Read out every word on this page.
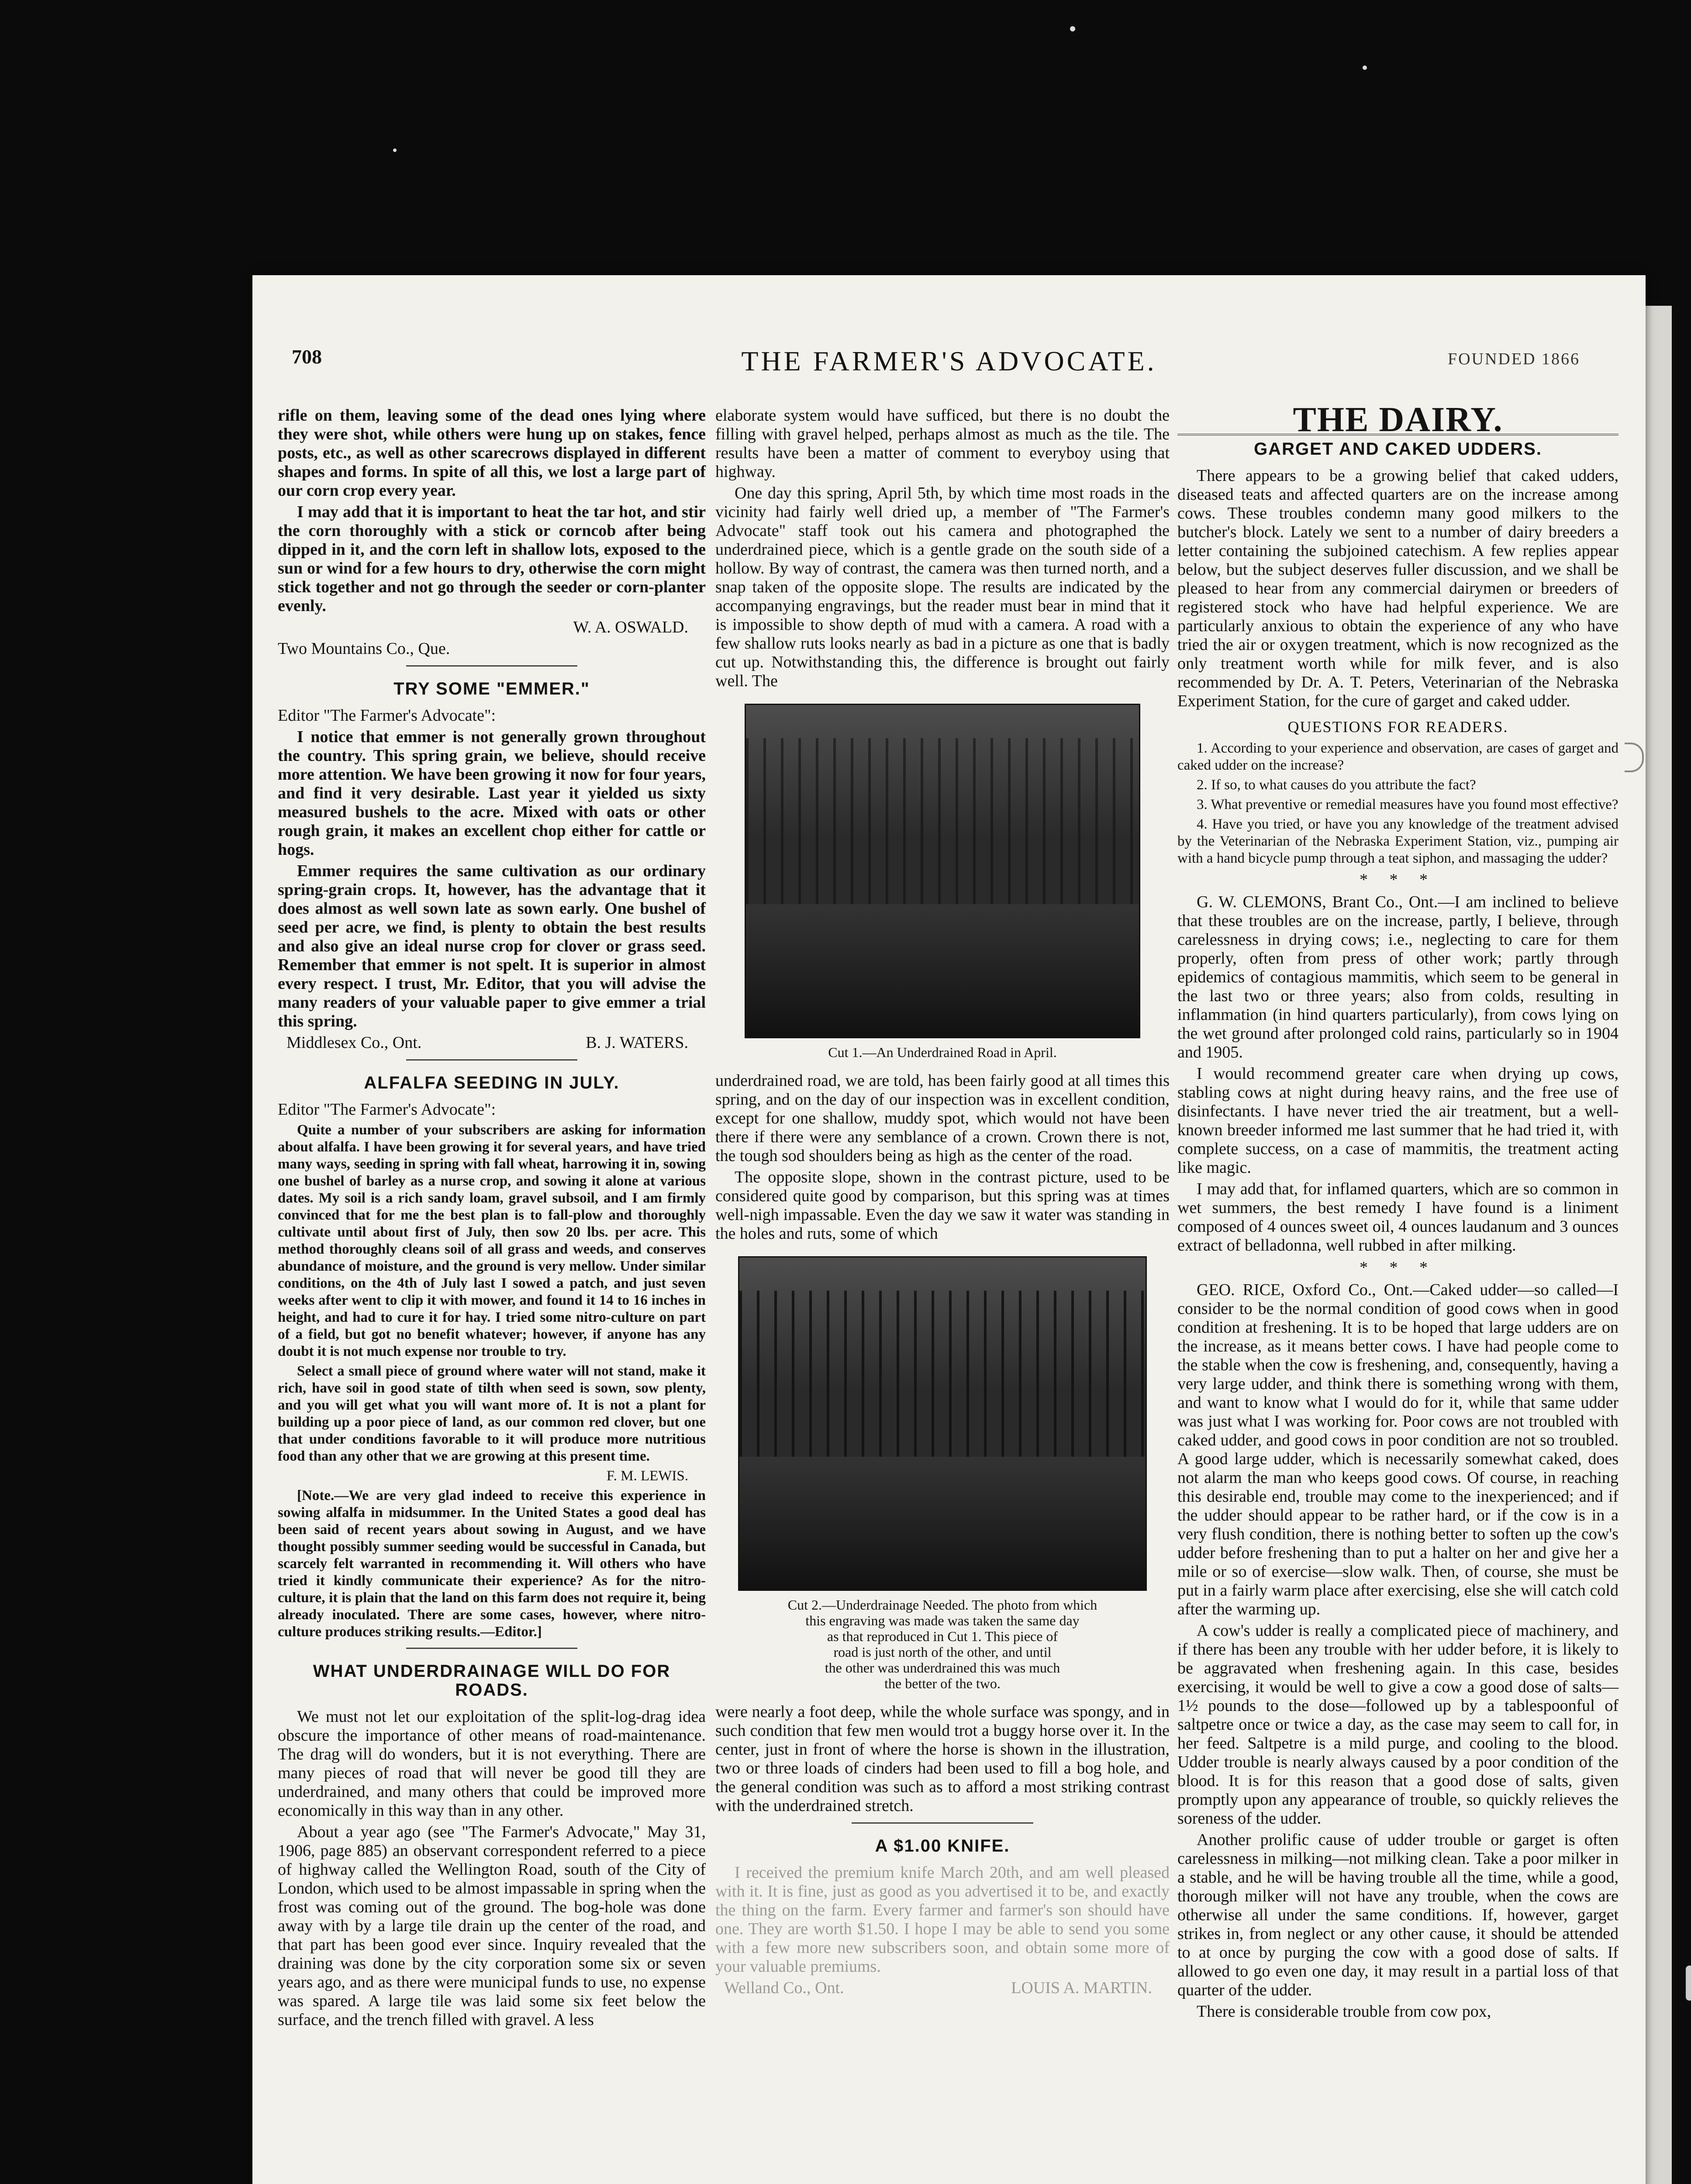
708	THE FARMER'S ADVOCATE.	FOUNDED 1866

rifle on them, leaving some of the dead ones lying where they were shot, while others were hung up on stakes, fence posts, etc., as well as other scarecrows displayed in different shapes and forms. In spite of all this, we lost a large part of our corn crop every year.

I may add that it is important to heat the tar hot, and stir the corn thoroughly with a stick or corncob after being dipped in it, and the corn left in shallow lots, exposed to the sun or wind for a few hours to dry, otherwise the corn might stick together and not go through the seeder or corn-planter evenly.

W. A. OSWALD.

Two Mountains Co., Que.

TRY SOME "EMMER."

Editor "The Farmer's Advocate":

I notice that emmer is not generally grown throughout the country. This spring grain, we believe, should receive more attention. We have been growing it now for four years, and find it very desirable. Last year it yielded us sixty measured bushels to the acre. Mixed with oats or other rough grain, it makes an excellent chop either for cattle or hogs.

Emmer requires the same cultivation as our ordinary spring-grain crops. It, however, has the advantage that it does almost as well sown late as sown early. One bushel of seed per acre, we find, is plenty to obtain the best results and also give an ideal nurse crop for clover or grass seed. Remember that emmer is not spelt. It is superior in almost every respect. I trust, Mr. Editor, that you will advise the many readers of your valuable paper to give emmer a trial this spring.

Middlesex Co., Ont.	B. J. WATERS.
ALFALFA SEEDING IN JULY.

Editor "The Farmer's Advocate":

Quite a number of your subscribers are asking for information about alfalfa. I have been growing it for several years, and have tried many ways, seeding in spring with fall wheat, harrowing it in, sowing one bushel of barley as a nurse crop, and sowing it alone at various dates. My soil is a rich sandy loam, gravel subsoil, and I am firmly convinced that for me the best plan is to fall-plow and thoroughly cultivate until about first of July, then sow 20 lbs. per acre. This method thoroughly cleans soil of all grass and weeds, and conserves abundance of moisture, and the ground is very mellow. Under similar conditions, on the 4th of July last I sowed a patch, and just seven weeks after went to clip it with mower, and found it 14 to 16 inches in height, and had to cure it for hay. I tried some nitro-culture on part of a field, but got no benefit whatever; however, if anyone has any doubt it is not much expense nor trouble to try.

Select a small piece of ground where water will not stand, make it rich, have soil in good state of tilth when seed is sown, sow plenty, and you will get what you will want more of. It is not a plant for building up a poor piece of land, as our common red clover, but one that under conditions favorable to it will produce more nutritious food than any other that we are growing at this present time.

F. M. LEWIS.

[Note.—We are very glad indeed to receive this experience in sowing alfalfa in midsummer. In the United States a good deal has been said of recent years about sowing in August, and we have thought possibly summer seeding would be successful in Canada, but scarcely felt warranted in recommending it. Will others who have tried it kindly communicate their experience? As for the nitro-culture, it is plain that the land on this farm does not require it, being already inoculated. There are some cases, however, where nitro-culture produces striking results.—Editor.]

WHAT UNDERDRAINAGE WILL DO FOR ROADS.

We must not let our exploitation of the split-log-drag idea obscure the importance of other means of road-maintenance. The drag will do wonders, but it is not everything. There are many pieces of road that will never be good till they are underdrained, and many others that could be improved more economically in this way than in any other.

About a year ago (see "The Farmer's Advocate," May 31, 1906, page 885) an observant correspondent referred to a piece of highway called the Wellington Road, south of the City of London, which used to be almost impassable in spring when the frost was coming out of the ground. The bog-hole was done away with by a large tile drain up the center of the road, and that part has been good ever since. Inquiry revealed that the draining was done by the city corporation some six or seven years ago, and as there were municipal funds to use, no expense was spared. A large tile was laid some six feet below the surface, and the trench filled with gravel. A less

elaborate system would have sufficed, but there is no doubt the filling with gravel helped, perhaps almost as much as the tile. The results have been a matter of comment to everyboy using that highway.

One day this spring, April 5th, by which time most roads in the vicinity had fairly well dried up, a member of "The Farmer's Advocate" staff took out his camera and photographed the underdrained piece, which is a gentle grade on the south side of a hollow. By way of contrast, the camera was then turned north, and a snap taken of the opposite slope. The results are indicated by the accompanying engravings, but the reader must bear in mind that it is impossible to show depth of mud with a camera. A road with a few shallow ruts looks nearly as bad in a picture as one that is badly cut up. Notwithstanding this, the difference is brought out fairly well. The

Cut 1.—An Underdrained Road in April.

underdrained road, we are told, has been fairly good at all times this spring, and on the day of our inspection was in excellent condition, except for one shallow, muddy spot, which would not have been there if there were any semblance of a crown. Crown there is not, the tough sod shoulders being as high as the center of the road.

The opposite slope, shown in the contrast picture, used to be considered quite good by comparison, but this spring was at times well-nigh impassable. Even the day we saw it water was standing in the holes and ruts, some of which

Cut 2.—Underdrainage Needed. The photo from which

this engraving was made was taken the same day

as that reproduced in Cut 1. This piece of

road is just north of the other, and until

the other was underdrained this was much

the better of the two.

were nearly a foot deep, while the whole surface was spongy, and in such condition that few men would trot a buggy horse over it. In the center, just in front of where the horse is shown in the illustration, two or three loads of cinders had been used to fill a bog hole, and the general condition was such as to afford a most striking contrast with the underdrained stretch.

A $1.00 KNIFE.

I received the premium knife March 20th, and am well pleased with it. It is fine, just as good as you advertised it to be, and exactly the thing on the farm. Every farmer and farmer's son should have one. They are worth $1.50. I hope I may be able to send you some with a few more new subscribers soon, and obtain some more of your valuable premiums.

Welland Co., Ont.	LOUIS A. MARTIN.
THE DAIRY.
GARGET AND CAKED UDDERS.

There appears to be a growing belief that caked udders, diseased teats and affected quarters are on the increase among cows. These troubles condemn many good milkers to the butcher's block. Lately we sent to a number of dairy breeders a letter containing the subjoined catechism. A few replies appear below, but the subject deserves fuller discussion, and we shall be pleased to hear from any commercial dairymen or breeders of registered stock who have had helpful experience. We are particularly anxious to obtain the experience of any who have tried the air or oxygen treatment, which is now recognized as the only treatment worth while for milk fever, and is also recommended by Dr. A. T. Peters, Veterinarian of the Nebraska Experiment Station, for the cure of garget and caked udder.

QUESTIONS FOR READERS.

1. According to your experience and observation, are cases of garget and caked udder on the increase?

2. If so, to what causes do you attribute the fact?

3. What preventive or remedial measures have you found most effective?

4. Have you tried, or have you any knowledge of the treatment advised by the Veterinarian of the Nebraska Experiment Station, viz., pumping air with a hand bicycle pump through a teat siphon, and massaging the udder?

* * *

G. W. CLEMONS, Brant Co., Ont.—I am inclined to believe that these troubles are on the increase, partly, I believe, through carelessness in drying cows; i.e., neglecting to care for them properly, often from press of other work; partly through epidemics of contagious mammitis, which seem to be general in the last two or three years; also from colds, resulting in inflammation (in hind quarters particularly), from cows lying on the wet ground after prolonged cold rains, particularly so in 1904 and 1905.

I would recommend greater care when drying up cows, stabling cows at night during heavy rains, and the free use of disinfectants. I have never tried the air treatment, but a well-known breeder informed me last summer that he had tried it, with complete success, on a case of mammitis, the treatment acting like magic.

I may add that, for inflamed quarters, which are so common in wet summers, the best remedy I have found is a liniment composed of 4 ounces sweet oil, 4 ounces laudanum and 3 ounces extract of belladonna, well rubbed in after milking.

* * *

GEO. RICE, Oxford Co., Ont.—Caked udder—so called—I consider to be the normal condition of good cows when in good condition at freshening. It is to be hoped that large udders are on the increase, as it means better cows. I have had people come to the stable when the cow is freshening, and, consequently, having a very large udder, and think there is something wrong with them, and want to know what I would do for it, while that same udder was just what I was working for. Poor cows are not troubled with caked udder, and good cows in poor condition are not so troubled. A good large udder, which is necessarily somewhat caked, does not alarm the man who keeps good cows. Of course, in reaching this desirable end, trouble may come to the inexperienced; and if the udder should appear to be rather hard, or if the cow is in a very flush condition, there is nothing better to soften up the cow's udder before freshening than to put a halter on her and give her a mile or so of exercise—slow walk. Then, of course, she must be put in a fairly warm place after exercising, else she will catch cold after the warming up.

A cow's udder is really a complicated piece of machinery, and if there has been any trouble with her udder before, it is likely to be aggravated when freshening again. In this case, besides exercising, it would be well to give a cow a good dose of salts—1½ pounds to the dose—followed up by a tablespoonful of saltpetre once or twice a day, as the case may seem to call for, in her feed. Saltpetre is a mild purge, and cooling to the blood. Udder trouble is nearly always caused by a poor condition of the blood. It is for this reason that a good dose of salts, given promptly upon any appearance of trouble, so quickly relieves the soreness of the udder.

Another prolific cause of udder trouble or garget is often carelessness in milking—not milking clean. Take a poor milker in a stable, and he will be having trouble all the time, while a good, thorough milker will not have any trouble, when the cows are otherwise all under the same conditions. If, however, garget strikes in, from neglect or any other cause, it should be attended to at once by purging the cow with a good dose of salts. If allowed to go even one day, it may result in a partial loss of that quarter of the udder.

There is considerable trouble from cow pox,
